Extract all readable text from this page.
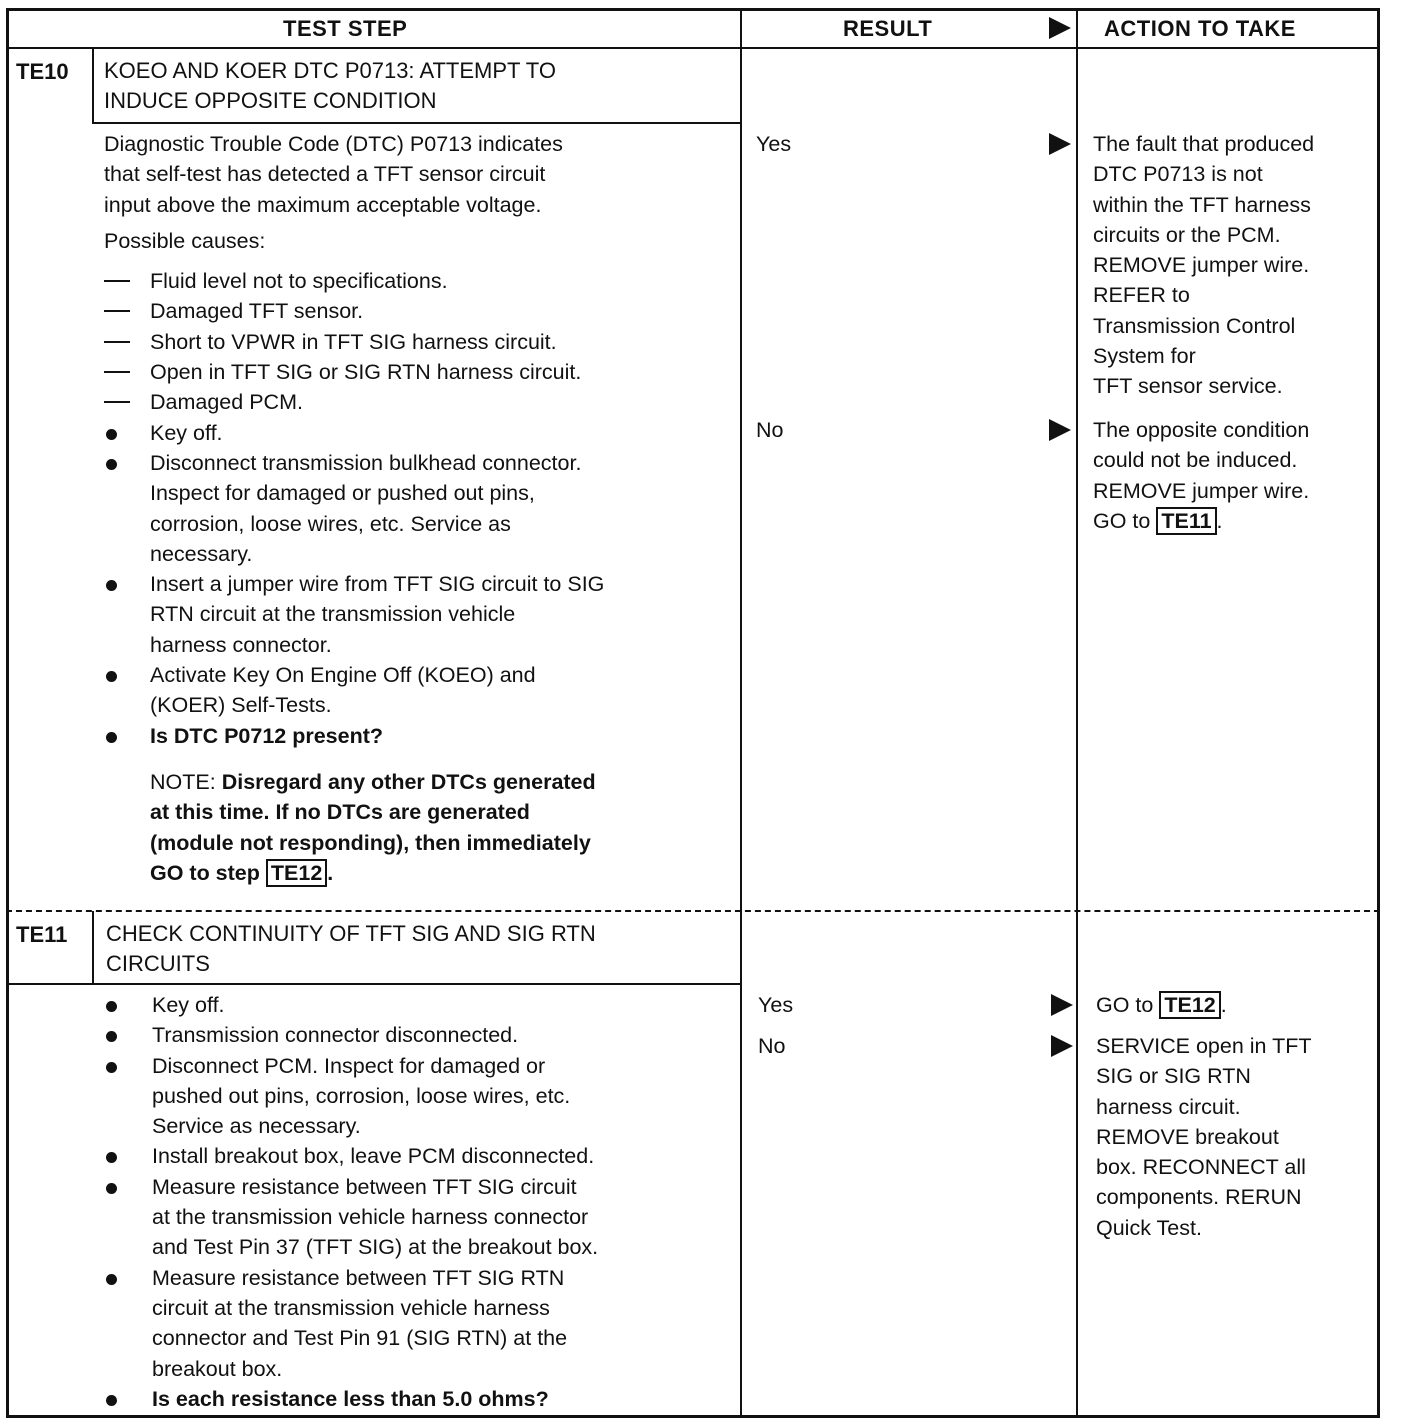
TEST STEP	RESULT	ACTION TO TAKE
TE10 KOEO AND KOER DTC P0713: ATTEMPT TO
INDUCE OPPOSITE CONDITION
Diagnostic Trouble Code (DTC) P0713 indicates
that self-test has detected a TFT sensor circuit
input above the maximum acceptable voltage.
Possible causes:
Fluid level not to specifications.
Damaged TFT sensor.
Short to VPWR in TFT SIG harness circuit.
Open in TFT SIG or SIG RTN harness circuit.
Damaged PCM.
Key off.
Disconnect transmission bulkhead connector.
Inspect for damaged or pushed out pins,
corrosion, loose wires, etc. Service as
necessary.
Insert a jumper wire from TFT SIG circuit to SIG
RTN circuit at the transmission vehicle
harness connector.
Activate Key On Engine Off (KOEO) and
(KOER) Self-Tests.
Is DTC P0712 present?
NOTE: Disregard any other DTCs generated
at this time. If no DTCs are generated
(module not responding), then immediately
GO to step TE12 .
Yes
No
The fault that produced
DTC P0713 is not
within the TFT harness
circuits or the PCM.
REMOVE jumper wire.
REFER to
Transmission Control
System for
TFT sensor service.
The opposite condition
could not be induced.
REMOVE jumper wire.
GO to TE11 .
TE11 CHECK CONTINUITY OF TFT SIG AND SIG RTN
CIRCUITS
Key off.
Transmission connector disconnected.
Disconnect PCM. Inspect for damaged or
pushed out pins, corrosion, loose wires, etc.
Service as necessary.
Install breakout box, leave PCM disconnected.
Measure resistance between TFT SIG circuit
at the transmission vehicle harness connector
and Test Pin 37 (TFT SIG) at the breakout box.
Measure resistance between TFT SIG RTN
circuit at the transmission vehicle harness
connector and Test Pin 91 (SIG RTN) at the
breakout box.
Is each resistance less than 5.0 ohms?
Yes
No
GO to TE12 .
SERVICE open in TFT
SIG or SIG RTN
harness circuit.
REMOVE breakout
box. RECONNECT all
components. RERUN
Quick Test.
